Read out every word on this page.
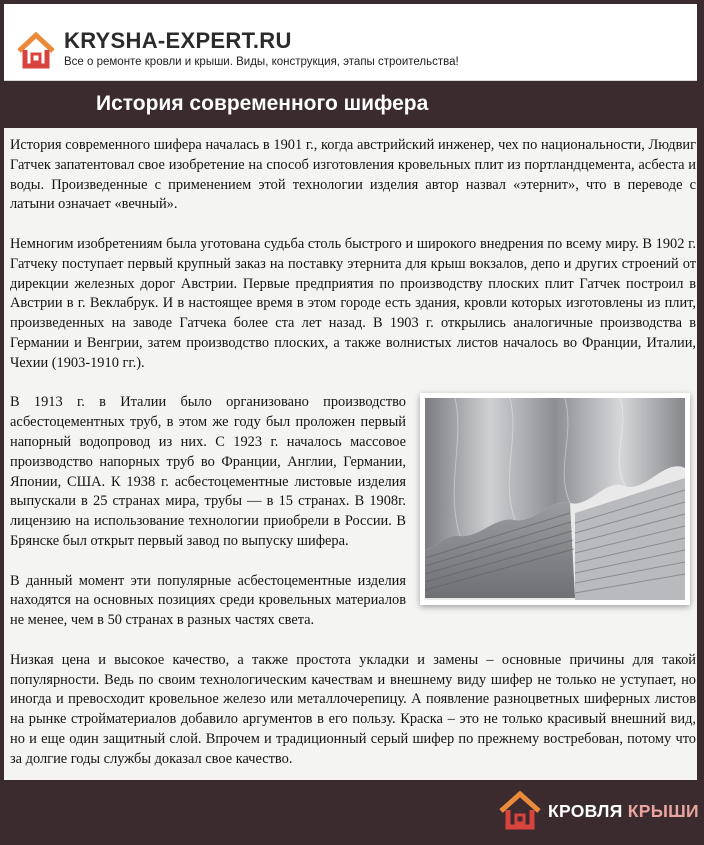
KRYSHA-EXPERT.RU
Все о ремонте кровли и крыши. Виды, конструкция, этапы строительства!
История современного шифера

История современного шифера началась в 1901 г., когда австрийский инженер, чех по национальности, Людвиг Гатчек запатентовал свое изобретение на способ изготовления кровельных плит из портландцемента, асбеста и воды. Произведенные с применением этой технологии изделия автор назвал «этернит», что в переводе с латыни означает «вечный».

Немногим изобретениям была уготована судьба столь быстрого и широкого внедрения по всему миру. В 1902 г. Гатчеку поступает первый крупный заказ на поставку этернита для крыш вокзалов, депо и других строений от дирекции железных дорог Австрии. Первые предприятия по производству плоских плит Гатчек построил в Австрии в г. Веклабрук. И в настоящее время в этом городе есть здания, кровли которых изготовлены из плит, произведенных на заводе Гатчека более ста лет назад. В 1903 г. открылись аналогичные производства в Германии и Венгрии, затем производство плоских, а также волнистых листов началось во Франции, Италии, Чехии (1903-1910 гг.).

В 1913 г. в Италии было организовано производство асбестоцементных труб, в этом же году был проложен первый напорный водопровод из них. С 1923 г. началось массовое производство напорных труб во Франции, Англии, Германии, Японии, США. К 1938 г. асбестоцементные листовые изделия выпускали в 25 странах мира, трубы — в 15 странах. В 1908г. лицензию на использование технологии приобрели в России. В Брянске был открыт первый завод по выпуску шифера.

В данный момент эти популярные асбестоцементные изделия находятся на основных позициях среди кровельных материалов не менее, чем в 50 странах в разных частях света.

Низкая цена и высокое качество, а также простота укладки и замены – основные причины для такой популярности. Ведь по своим технологическим качествам и внешнему виду шифер не только не уступает, но иногда и превосходит кровельное железо или металлочерепицу. А появление разноцветных шиферных листов на рынке стройматериалов добавило аргументов в его пользу. Краска – это не только красивый внешний вид, но и еще один защитный слой. Впрочем и традиционный серый шифер по прежнему востребован, потому что за долгие годы службы доказал свое качество.

КРОВЛЯ КРЫШИ
